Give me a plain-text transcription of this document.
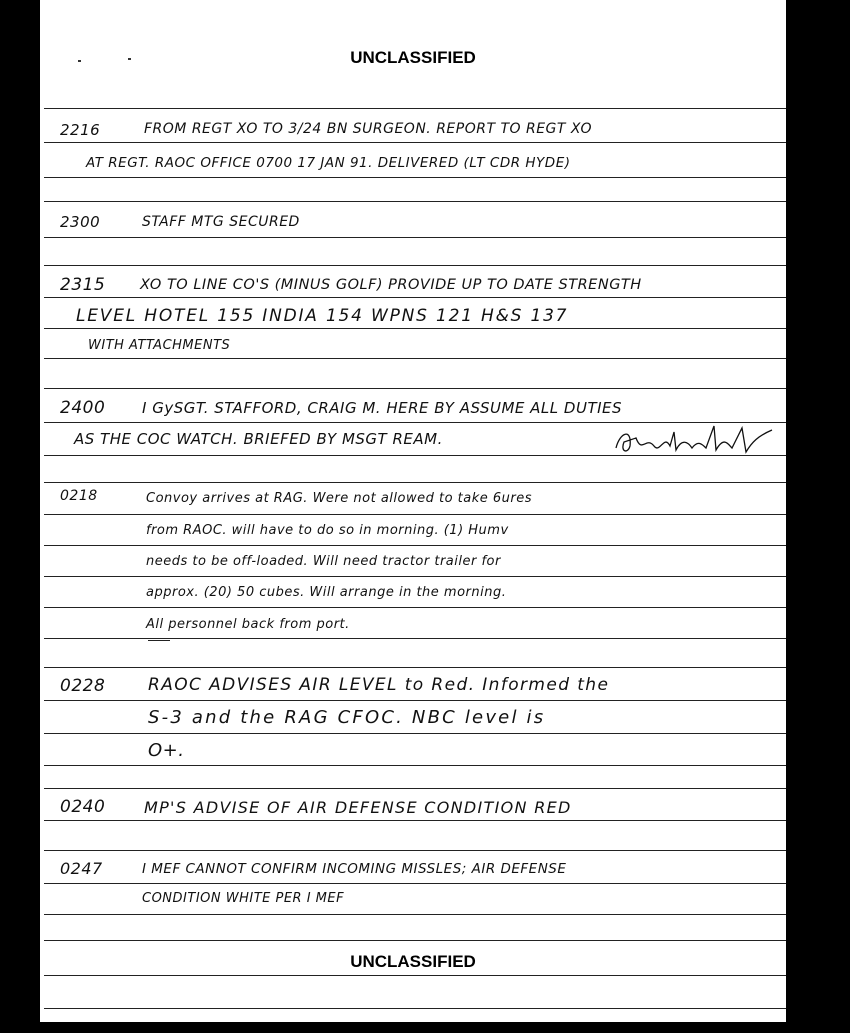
UNCLASSIFIED
UNCLASSIFIED
2216	FROM REGT XO TO 3/24 BN SURGEON. REPORT TO REGT XO
AT REGT. RAOC OFFICE 0700 17 JAN 91. DELIVERED (LT CDR HYDE)
2300	STAFF MTG SECURED
2315 XO TO LINE CO'S (MINUS GOLF) PROVIDE UP TO DATE STRENGTH
LEVEL HOTEL 155 INDIA 154 WPNS 121 H&S 137
WITH ATTACHMENTS
2400 I GySGT. STAFFORD, CRAIG M. HERE BY ASSUME ALL DUTIES
AS THE COC WATCH. BRIEFED BY MSGT REAM.
0218	Convoy arrives at RAG. Were not allowed to take 6ures
from RAOC. will have to do so in morning. (1) Humv
needs to be off-loaded. Will need tractor trailer for
approx. (20) 50 cubes. Will arrange in the morning.
All personnel back from port.
0228	RAOC ADVISES AIR LEVEL to Red. Informed the
S-3 and the RAG CFOC. NBC level is
O+.
0240 MP'S ADVISE OF AIR DEFENSE CONDITION RED
0247	I MEF CANNOT CONFIRM INCOMING MISSLES; AIR DEFENSE
CONDITION WHITE PER I MEF
